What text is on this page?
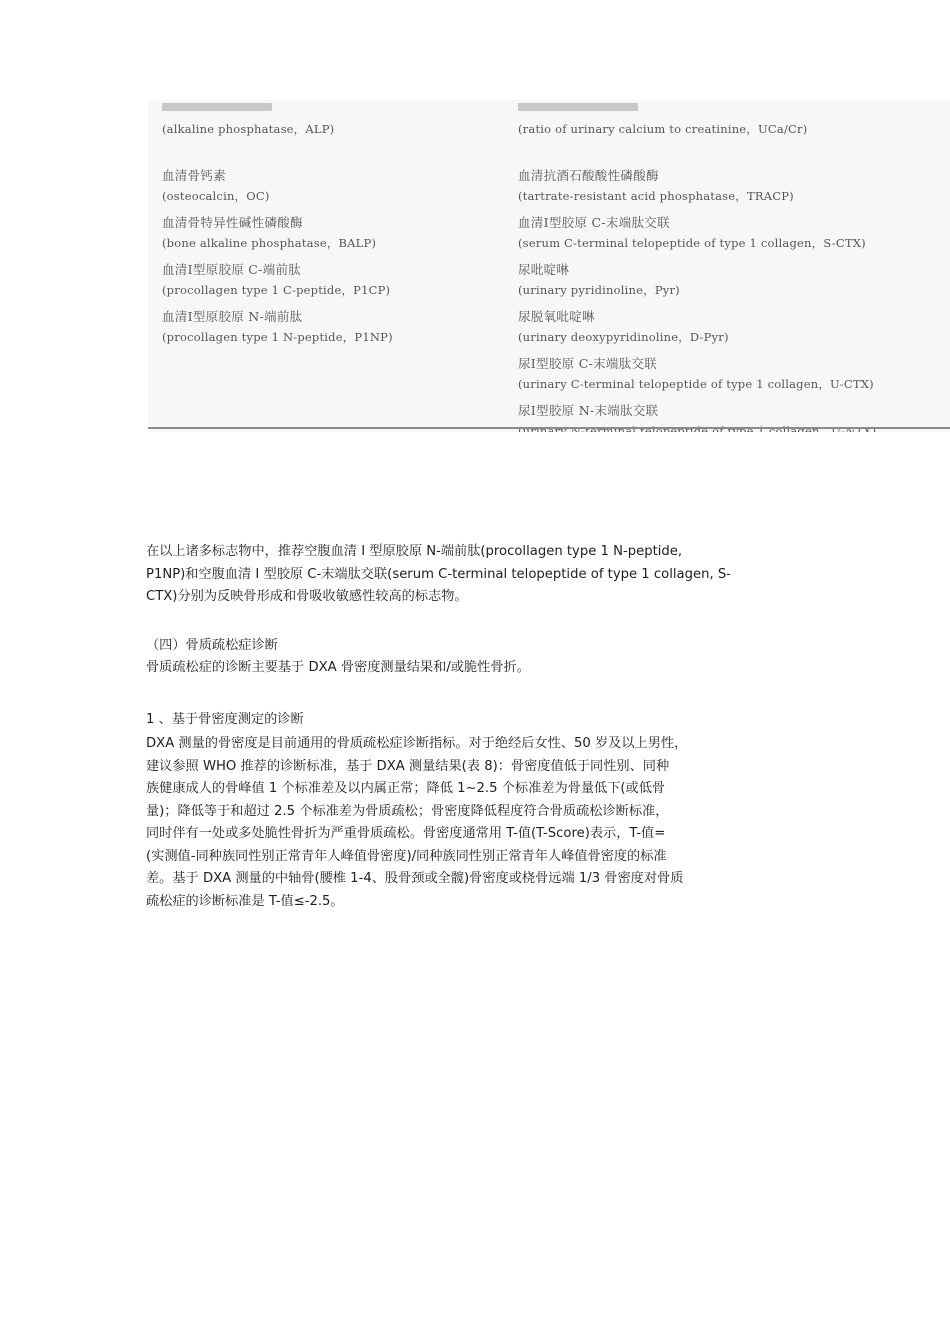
(alkaline phosphatase，ALP)
血清骨钙素
(osteocalcin，OC)
血清骨特异性碱性磷酸酶
(bone alkaline phosphatase，BALP)
血清Ⅰ型原胶原 C-端前肽
(procollagen type 1 C-peptide，P1CP)
血清Ⅰ型原胶原 N-端前肽
(procollagen type 1 N-peptide，P1NP)
(ratio of urinary calcium to creatinine，UCa/Cr)
血清抗酒石酸酸性磷酸酶
(tartrate-resistant acid phosphatase，TRACP)
血清Ⅰ型胶原 C-末端肽交联
(serum C-terminal telopeptide of type 1 collagen，S-CTX)
尿吡啶啉
(urinary pyridinoline，Pyr)
尿脱氧吡啶啉
(urinary deoxypyridinoline，D-Pyr)
尿Ⅰ型胶原 C-末端肽交联
(urinary C-terminal telopeptide of type 1 collagen，U-CTX)
尿Ⅰ型胶原 N-末端肽交联

在以上诸多标志物中，推荐空腹血清 Ⅰ 型原胶原 N-端前肽(procollagen type 1 N-peptide,

P1NP)和空腹血清 Ⅰ 型胶原 C-末端肽交联(serum C-terminal telopeptide of type 1 collagen, S-

CTX)分别为反映骨形成和骨吸收敏感性较高的标志物。

（四）骨质疏松症诊断

骨质疏松症的诊断主要基于 DXA 骨密度测量结果和/或脆性骨折。

1 、基于骨密度测定的诊断

DXA 测量的骨密度是目前通用的骨质疏松症诊断指标。对于绝经后女性、50 岁及以上男性，

建议参照 WHO 推荐的诊断标准，基于 DXA 测量结果(表 8)：骨密度值低于同性别、同种

族健康成人的骨峰值 1 个标准差及以内属正常；降低 1~2.5 个标准差为骨量低下(或低骨

量)；降低等于和超过 2.5 个标准差为骨质疏松；骨密度降低程度符合骨质疏松诊断标准，

同时伴有一处或多处脆性骨折为严重骨质疏松。骨密度通常用 T-值(T-Score)表示，T-值=

(实测值-同种族同性别正常青年人峰值骨密度)/同种族同性别正常青年人峰值骨密度的标准

差。基于 DXA 测量的中轴骨(腰椎 1-4、股骨颈或全髋)骨密度或桡骨远端 1/3 骨密度对骨质

疏松症的诊断标准是 T-值≤-2.5。
